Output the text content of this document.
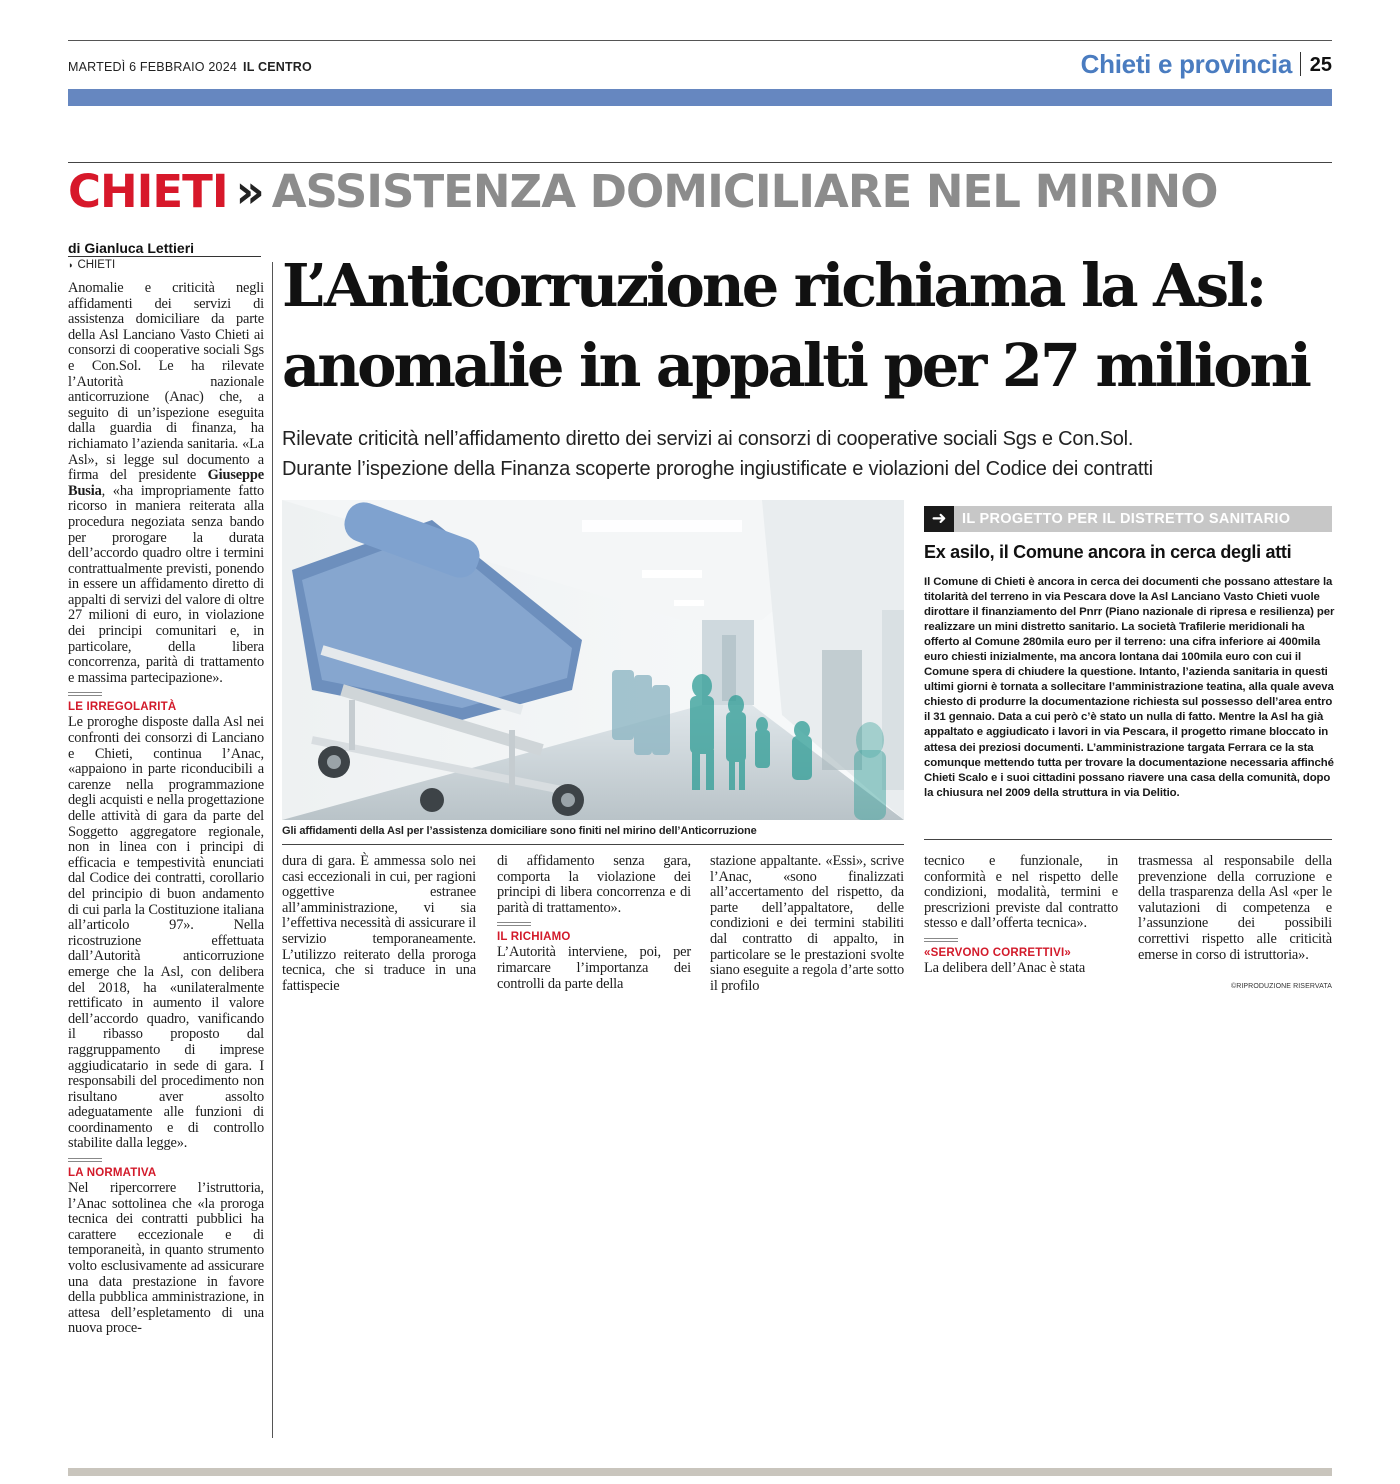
MARTEDÌ 6 FEBBRAIO 2024 IL CENTRO	Chieti e provincia 25
CHIETI » ASSISTENZA DOMICILIARE NEL MIRINO
di Gianluca Lettieri
◗ CHIETI	L’Anticorruzione richiama la Asl:
anomalie in appalti per 27 milioni
Rilevate criticità nell’affidamento diretto dei servizi ai consorzi di cooperative sociali Sgs e Con.Sol.
Durante l’ispezione della Finanza scoperte proroghe ingiustificate e violazioni del Codice dei contratti
Gli affidamenti della Asl per l’assistenza domiciliare sono finiti nel mirino dell’Anticorruzione

Anomalie e criticità negli affidamenti dei servizi di assistenza domiciliare da parte della Asl Lanciano Vasto Chieti ai consorzi di cooperative sociali Sgs e Con.Sol. Le ha rilevate l’Autorità nazionale anticorruzione (Anac) che, a seguito di un’ispezione eseguita dalla guardia di finanza, ha richiamato l’azienda sanitaria. «La Asl», si legge sul documento a firma del presidente Giuseppe Busia, «ha impropriamente fatto ricorso in maniera reiterata alla procedura negoziata senza bando per prorogare la durata dell’accordo quadro oltre i termini contrattualmente previsti, ponendo in essere un affidamento diretto di appalti di servizi del valore di oltre 27 milioni di euro, in violazione dei principi comunitari e, in particolare, della libera concorrenza, parità di trattamento e massima partecipazione».

LE IRREGOLARITÀ

Le proroghe disposte dalla Asl nei confronti dei consorzi di Lanciano e Chieti, continua l’Anac, «appaiono in parte riconducibili a carenze nella programmazione degli acquisti e nella progettazione delle attività di gara da parte del Soggetto aggregatore regionale, non in linea con i principi di efficacia e tempestività enunciati dal Codice dei contratti, corollario del principio di buon andamento di cui parla la Costituzione italiana all’articolo 97». Nella ricostruzione effettuata dall’Autorità anticorruzione emerge che la Asl, con delibera del 2018, ha «unilateralmente rettificato in aumento il valore dell’accordo quadro, vanificando il ribasso proposto dal raggruppamento di imprese aggiudicatario in sede di gara. I responsabili del procedimento non risultano aver assolto adeguatamente alle funzioni di coordinamento e di controllo stabilite dalla legge».

LA NORMATIVA

Nel ripercorrere l’istruttoria, l’Anac sottolinea che «la proroga tecnica dei contratti pubblici ha carattere eccezionale e di temporaneità, in quanto strumento volto esclusivamente ad assicurare una data prestazione in favore della pubblica amministrazione, in attesa dell’espletamento di una nuova proce-

dura di gara. È ammessa solo nei casi eccezionali in cui, per ragioni oggettive estranee all’amministrazione, vi sia l’effettiva necessità di assicurare il servizio temporaneamente. L’utilizzo reiterato della proroga tecnica, che si traduce in una fattispecie

di affidamento senza gara, comporta la violazione dei principi di libera concorrenza e di parità di trattamento».

IL RICHIAMO

L’Autorità interviene, poi, per rimarcare l’importanza dei controlli da parte della

stazione appaltante. «Essi», scrive l’Anac, «sono finalizzati all’accertamento del rispetto, da parte dell’appaltatore, delle condizioni e dei termini stabiliti dal contratto di appalto, in particolare se le prestazioni svolte siano eseguite a regola d’arte sotto il profilo

tecnico e funzionale, in conformità e nel rispetto delle condizioni, modalità, termini e prescrizioni previste dal contratto stesso e dall’offerta tecnica».

«SERVONO CORRETTIVI»

La delibera dell’Anac è stata

trasmessa al responsabile della prevenzione della corruzione e della trasparenza della Asl «per le valutazioni di competenza e l’assunzione dei possibili correttivi rispetto alle criticità emerse in corso di istruttoria».

©RIPRODUZIONE RISERVATA
➜	IL PROGETTO PER IL DISTRETTO SANITARIO
Ex asilo, il Comune ancora in cerca degli atti
Il Comune di Chieti è ancora in cerca dei documenti che possano attestare la titolarità del terreno in via Pescara dove la Asl Lanciano Vasto Chieti vuole dirottare il finanziamento del Pnrr (Piano nazionale di ripresa e resilienza) per realizzare un mini distretto sanitario. La società Trafilerie meridionali ha offerto al Comune 280mila euro per il terreno: una cifra inferiore ai 400mila euro chiesti inizialmente, ma ancora lontana dai 100mila euro con cui il Comune spera di chiudere la questione. Intanto, l’azienda sanitaria in questi ultimi giorni è tornata a sollecitare l’amministrazione teatina, alla quale aveva chiesto di produrre la documentazione richiesta sul possesso dell’area entro il 31 gennaio. Data a cui però c’è stato un nulla di fatto. Mentre la Asl ha già appaltato e aggiudicato i lavori in via Pescara, il progetto rimane bloccato in attesa dei preziosi documenti. L’amministrazione targata Ferrara ce la sta comunque mettendo tutta per trovare la documentazione necessaria affinché Chieti Scalo e i suoi cittadini possano riavere una casa della comunità, dopo la chiusura nel 2009 della struttura in via Delitio.
